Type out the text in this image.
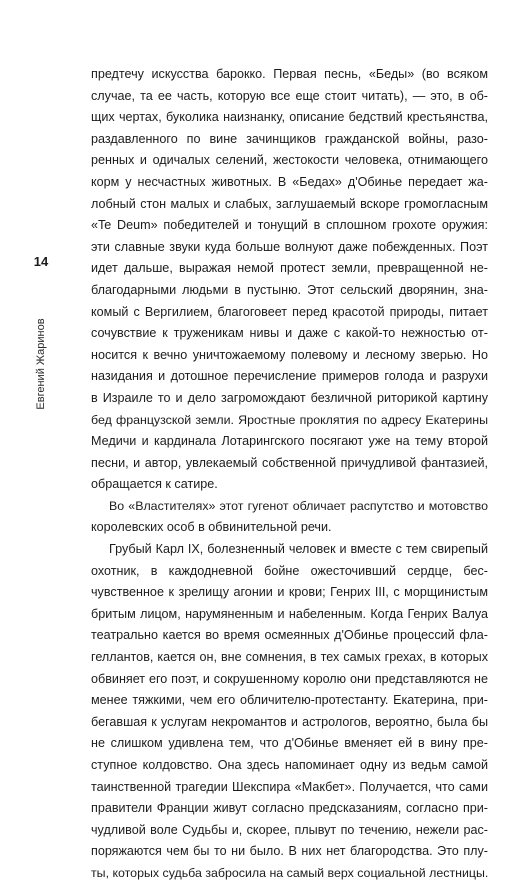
14
Евгений Жаринов
предтечу искусства барокко. Первая песнь, «Беды» (во всяком
случае, та ее часть, которую все еще стоит читать), — это, в об-
щих чертах, буколика наизнанку, описание бедствий крестьянства,
раздавленного по вине зачинщиков гражданской войны, разо-
ренных и одичалых селений, жестокости человека, отнимающего
корм у несчастных животных. В «Бедах» д'Обинье передает жа-
лобный стон малых и слабых, заглушаемый вскоре громогласным
«Te Deum» победителей и тонущий в сплошном грохоте оружия:
эти славные звуки куда больше волнуют даже побежденных. Поэт
идет дальше, выражая немой протест земли, превращенной не-
благодарными людьми в пустыню. Этот сельский дворянин, зна-
комый с Вергилием, благоговеет перед красотой природы, питает
сочувствие к труженикам нивы и даже с какой-то нежностью от-
носится к вечно уничтожаемому полевому и лесному зверью. Но
назидания и дотошное перечисление примеров голода и разрухи
в Израиле то и дело загромождают безличной риторикой картину
бед французской земли. Яростные проклятия по адресу Екатерины
Медичи и кардинала Лотарингского посягают уже на тему второй
песни, и автор, увлекаемый собственной причудливой фантазией,
обращается к сатире.
Во «Властителях» этот гугенот обличает распутство и мотовство
королевских особ в обвинительной речи.
Грубый Карл IX, болезненный человек и вместе с тем свирепый
охотник, в каждодневной бойне ожесточивший сердце, бес-
чувственное к зрелищу агонии и крови; Генрих III, с морщинистым
бритым лицом, нарумяненным и набеленным. Когда Генрих Валуа
театрально кается во время осмеянных д'Обинье процессий фла-
геллантов, кается он, вне сомнения, в тех самых грехах, в которых
обвиняет его поэт, и сокрушенному королю они представляются не
менее тяжкими, чем его обличителю-протестанту. Екатерина, при-
бегавшая к услугам некромантов и астрологов, вероятно, была бы
не слишком удивлена тем, что д'Обинье вменяет ей в вину пре-
ступное колдовство. Она здесь напоминает одну из ведьм самой
таинственной трагедии Шекспира «Макбет». Получается, что сами
правители Франции живут согласно предсказаниям, согласно при-
чудливой воле Судьбы и, скорее, плывут по течению, нежели рас-
поряжаются чем бы то ни было. В них нет благородства. Это плу-
ты, которых судьба забросила на самый верх социальной лестницы.
